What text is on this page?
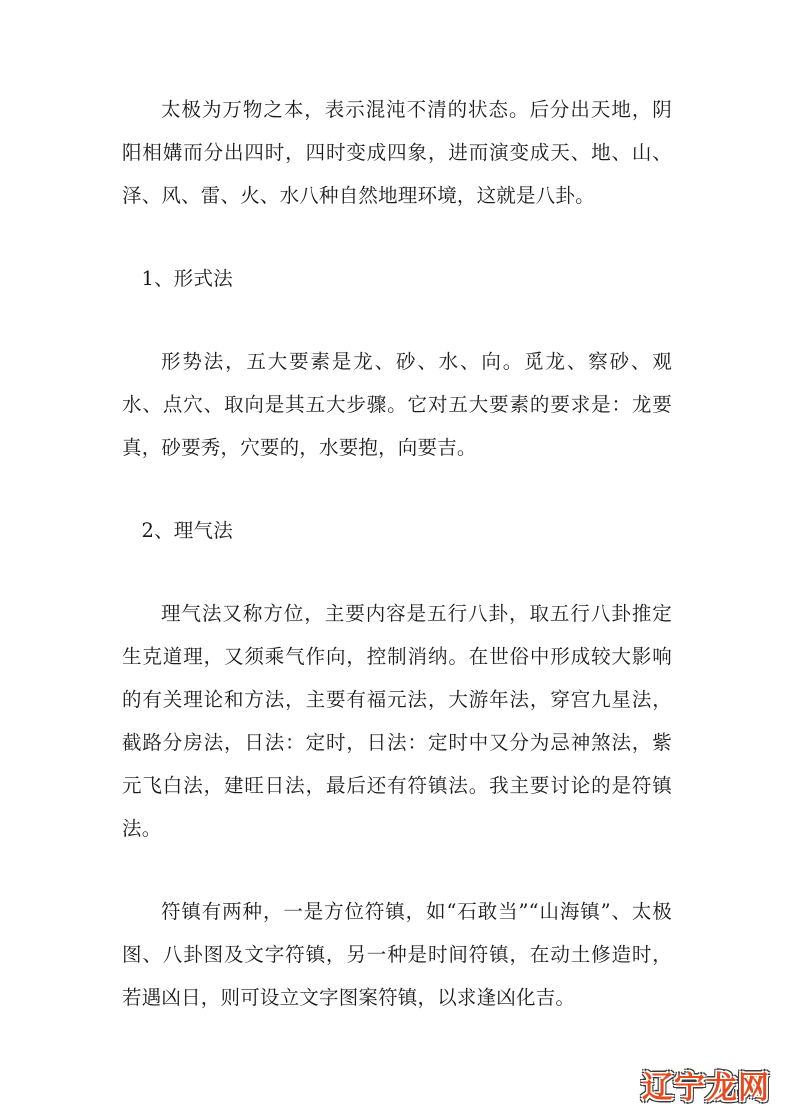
太极为万物之本，表示混沌不清的状态。后分出天地，阴阳相媾而分出四时，四时变成四象，进而演变成天、地、山、泽、风、雷、火、水八种自然地理环境，这就是八卦。

1、形式法

形势法，五大要素是龙、砂、水、向。觅龙、察砂、观水、点穴、取向是其五大步骤。它对五大要素的要求是：龙要真，砂要秀，穴要的，水要抱，向要吉。

2、理气法

理气法又称方位，主要内容是五行八卦，取五行八卦推定生克道理，又须乘气作向，控制消纳。在世俗中形成较大影响的有关理论和方法，主要有福元法，大游年法，穿宫九星法，截路分房法，日法：定时，日法：定时中又分为忌神煞法，紫元飞白法，建旺日法，最后还有符镇法。我主要讨论的是符镇法。

符镇有两种，一是方位符镇，如“石敢当”“山海镇”、太极图、八卦图及文字符镇，另一种是时间符镇，在动土修造时，若遇凶日，则可设立文字图案符镇，以求逢凶化吉。

辽宁龙网
